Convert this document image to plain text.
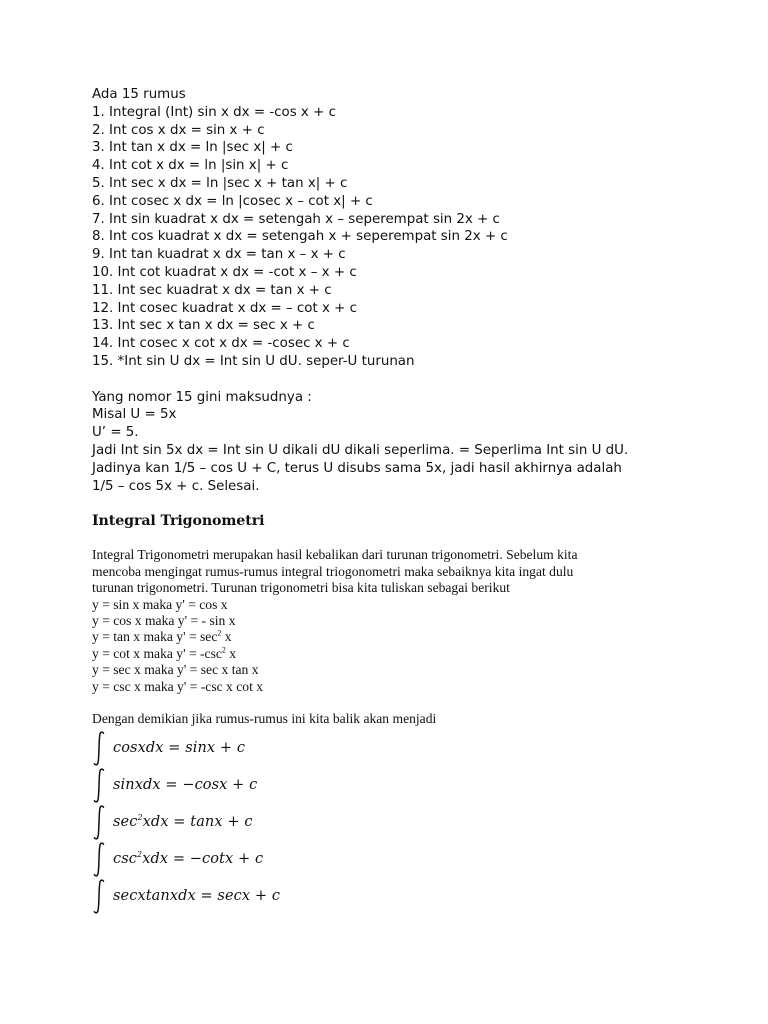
Ada 15 rumus
1. Integral (Int) sin x dx = -cos x + c
2. Int cos x dx = sin x + c
3. Int tan x dx = ln |sec x| + c
4. Int cot x dx = ln |sin x| + c
5. Int sec x dx = ln |sec x + tan x| + c
6. Int cosec x dx = ln |cosec x – cot x| + c
7. Int sin kuadrat x dx = setengah x – seperempat sin 2x + c
8. Int cos kuadrat x dx = setengah x + seperempat sin 2x + c
9. Int tan kuadrat x dx = tan x – x + c
10. Int cot kuadrat x dx = -cot x – x + c
11. Int sec kuadrat x dx = tan x + c
12. Int cosec kuadrat x dx = – cot x + c
13. Int sec x tan x dx = sec x + c
14. Int cosec x cot x dx = -cosec x + c
15. *Int sin U dx = Int sin U dU. seper-U turunan
Yang nomor 15 gini maksudnya :
Misal U = 5x
U’ = 5.
Jadi Int sin 5x dx = Int sin U dikali dU dikali seperlima. = Seperlima Int sin U dU.
Jadinya kan 1/5 – cos U + C, terus U disubs sama 5x, jadi hasil akhirnya adalah
1/5 – cos 5x + c. Selesai.
Integral Trigonometri
Integral Trigonometri merupakan hasil kebalikan dari turunan trigonometri. Sebelum kita
mencoba mengingat rumus-rumus integral triogonometri maka sebaiknya kita ingat dulu
turunan trigonometri. Turunan trigonometri bisa kita tuliskan sebagai berikut
y = sin x maka y' = cos x
y = cos x maka y' = - sin x
y = tan x maka $y' = \sec^2 x$
y = cot x maka $y' = -\csc^2$ x
y = sec x maka y' = sec x tan x
y = csc x maka y' = -csc x cot x
Dengan demikian jika rumus-rumus ini kita balik akan menjadi
cosxdx = sinx + c
sinxdx = −cosx + c
$\sec^2xdx = \tan x + c$
$\csc^2xdx = -\cot x + c$
secxtanxdx = secx + c
